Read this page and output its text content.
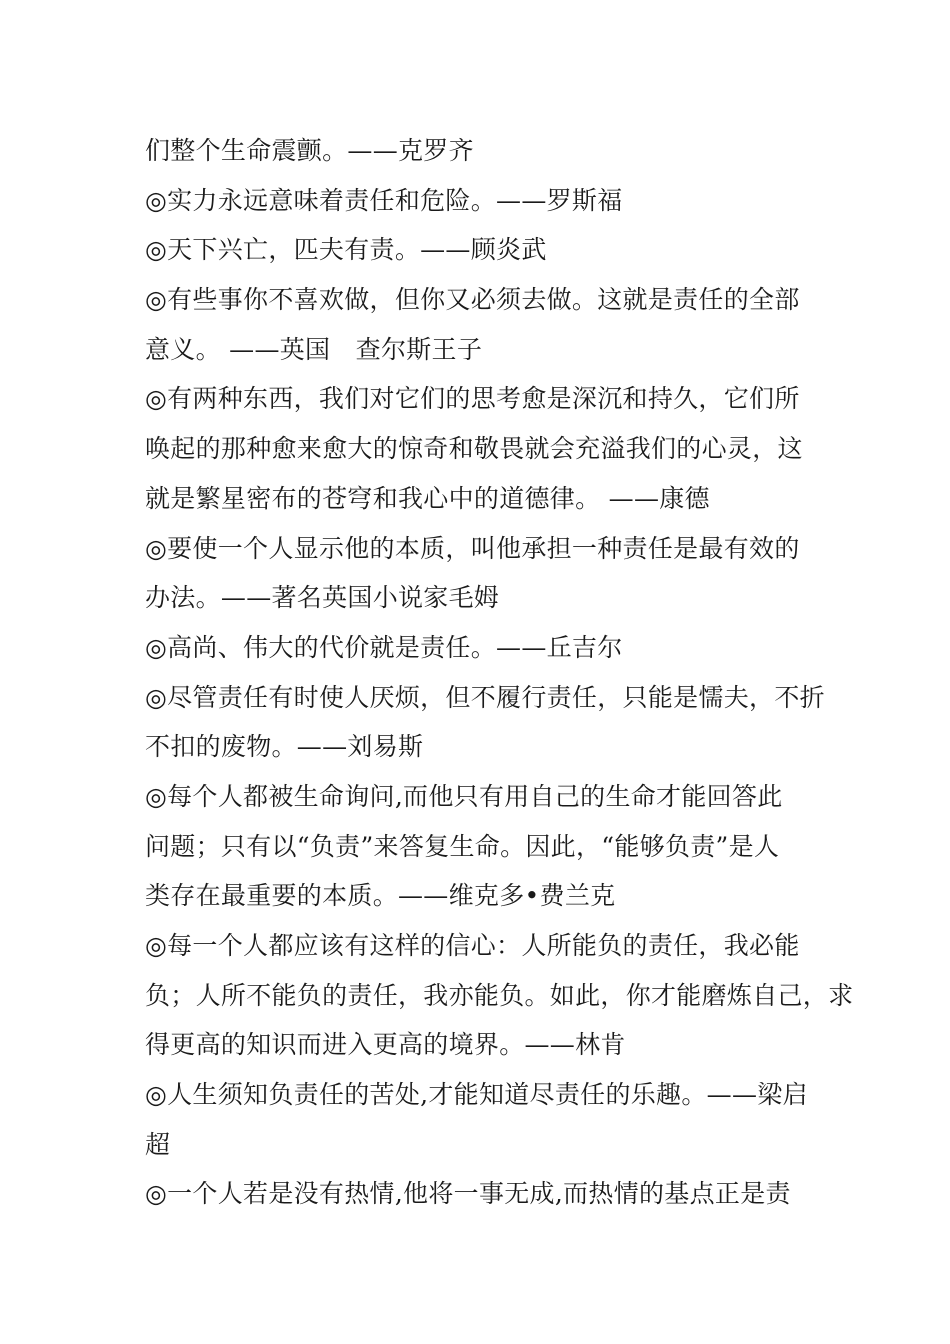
们整个生命震颤。——克罗齐
◎实力永远意味着责任和危险。——罗斯福
◎天下兴亡，匹夫有责。——顾炎武
◎有些事你不喜欢做，但你又必须去做。这就是责任的全部
意义。 ——英国　查尔斯王子
◎有两种东西，我们对它们的思考愈是深沉和持久，它们所
唤起的那种愈来愈大的惊奇和敬畏就会充溢我们的心灵，这
就是繁星密布的苍穹和我心中的道德律。 ——康德
◎要使一个人显示他的本质，叫他承担一种责任是最有效的
办法。——著名英国小说家毛姆
◎高尚、伟大的代价就是责任。——丘吉尔
◎尽管责任有时使人厌烦，但不履行责任，只能是懦夫，不折
不扣的废物。——刘易斯
◎每个人都被生命询问,而他只有用自己的生命才能回答此
问题；只有以“负责”来答复生命。因此，“能够负责”是人
类存在最重要的本质。——维克多•费兰克
◎每一个人都应该有这样的信心：人所能负的责任，我必能
负；人所不能负的责任，我亦能负。如此，你才能磨炼自己，求
得更高的知识而进入更高的境界。——林肯
◎人生须知负责任的苦处,才能知道尽责任的乐趣。——梁启
超
◎一个人若是没有热情,他将一事无成,而热情的基点正是责
